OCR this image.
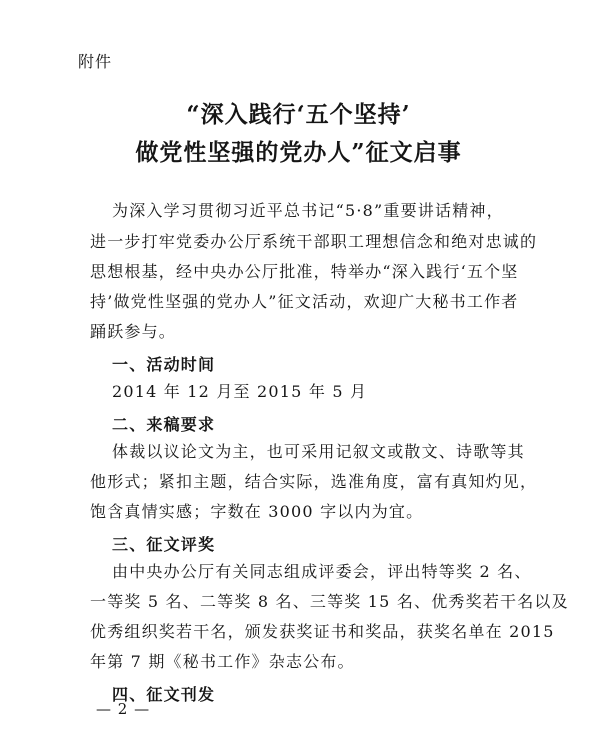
附件
“深入践行‘五个坚持’
做党性坚强的党办人”征文启事
为深入学习贯彻习近平总书记“5·8”重要讲话精神，
进一步打牢党委办公厅系统干部职工理想信念和绝对忠诚的
思想根基，经中央办公厅批准，特举办“深入践行‘五个坚
持’做党性坚强的党办人”征文活动，欢迎广大秘书工作者
踊跃参与。
一、活动时间
2014 年 12 月至 2015 年 5 月
二、来稿要求
体裁以议论文为主，也可采用记叙文或散文、诗歌等其
他形式；紧扣主题，结合实际，选准角度，富有真知灼见，
饱含真情实感；字数在 3000 字以内为宜。
三、征文评奖
由中央办公厅有关同志组成评委会，评出特等奖 2 名、
一等奖 5 名、二等奖 8 名、三等奖 15 名、优秀奖若干名以及
优秀组织奖若干名，颁发获奖证书和奖品，获奖名单在 2015
年第 7 期《秘书工作》杂志公布。
四、征文刊发
— 2 —
